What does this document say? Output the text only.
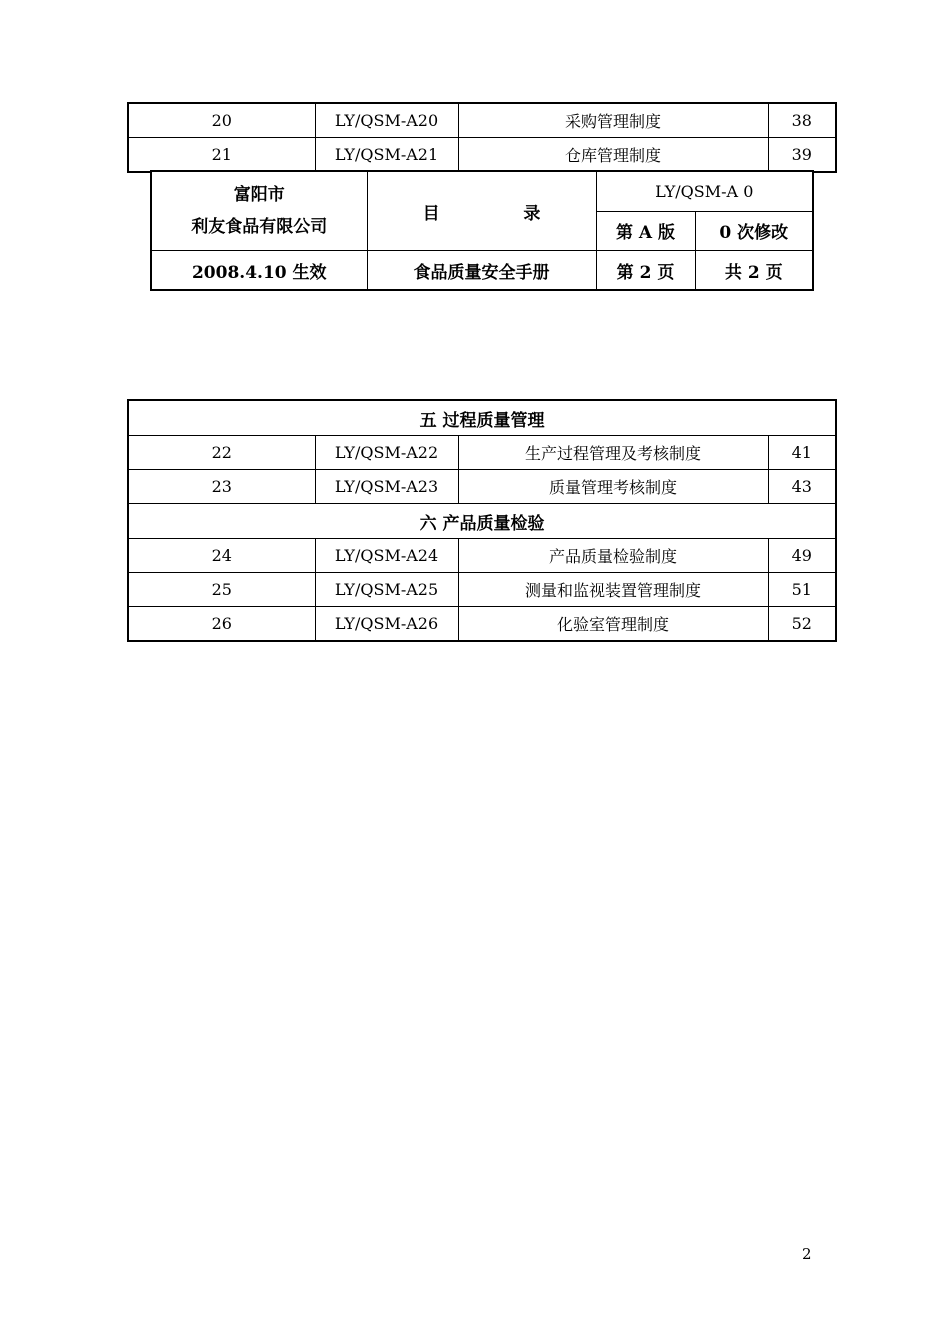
20	LY/QSM-A20	采购管理制度	38
21	LY/QSM-A21	仓库管理制度	39
富阳市
利友食品有限公司	目 录	LY/QSM-A 0	
		第 A 版	0 次修改
2008.4.10 生效	食品质量安全手册	第 2 页	共 2 页
五 过程质量管理			
22	LY/QSM-A22	生产过程管理及考核制度	41
23	LY/QSM-A23	质量管理考核制度	43
六 产品质量检验			
24	LY/QSM-A24	产品质量检验制度	49
25	LY/QSM-A25	测量和监视装置管理制度	51
26	LY/QSM-A26	化验室管理制度	52
2
